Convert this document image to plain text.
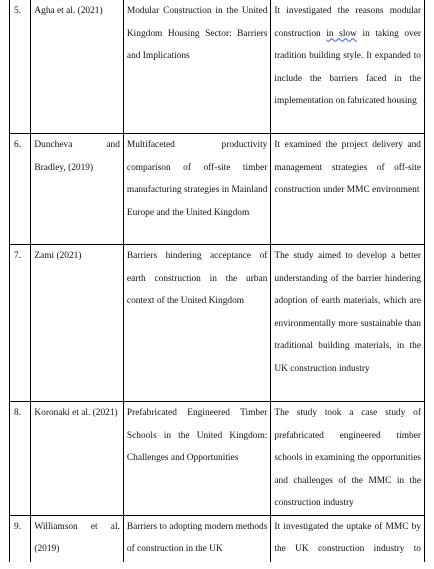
5.	Agha et al. (2021)	Modular Construction in the United Kingdom Housing Sector: Barriers and Implications	It investigated the reasons modular construction in slow in taking over tradition building style. It expanded to include the barriers faced in the implementation on fabricated housing
6.	Duncheva and Bradley, (2019)	Multifaceted productivity comparison of off-site timber manufacturing strategies in Mainland Europe and the United Kingdom	It examined the project delivery and management strategies of off-site construction under MMC environment
7.	Zami (2021)	Barriers hindering acceptance of earth construction in the urban context of the United Kingdom	The study aimed to develop a better understanding of the barrier hindering adoption of earth materials, which are environmentally more sustainable than traditional building materials, in the UK construction industry
8.	Koronaki et al. (2021)	Prefabricated Engineered Timber Schools in the United Kingdom: Challenges and Opportunities	The study took a case study of prefabricated engineered timber schools in examining the opportunities and challenges of the MMC in the construction industry
9.	Williamson et al. (2019)	Barriers to adopting modern methods of construction in the UK	It investigated the uptake of MMC by the UK construction industry to
